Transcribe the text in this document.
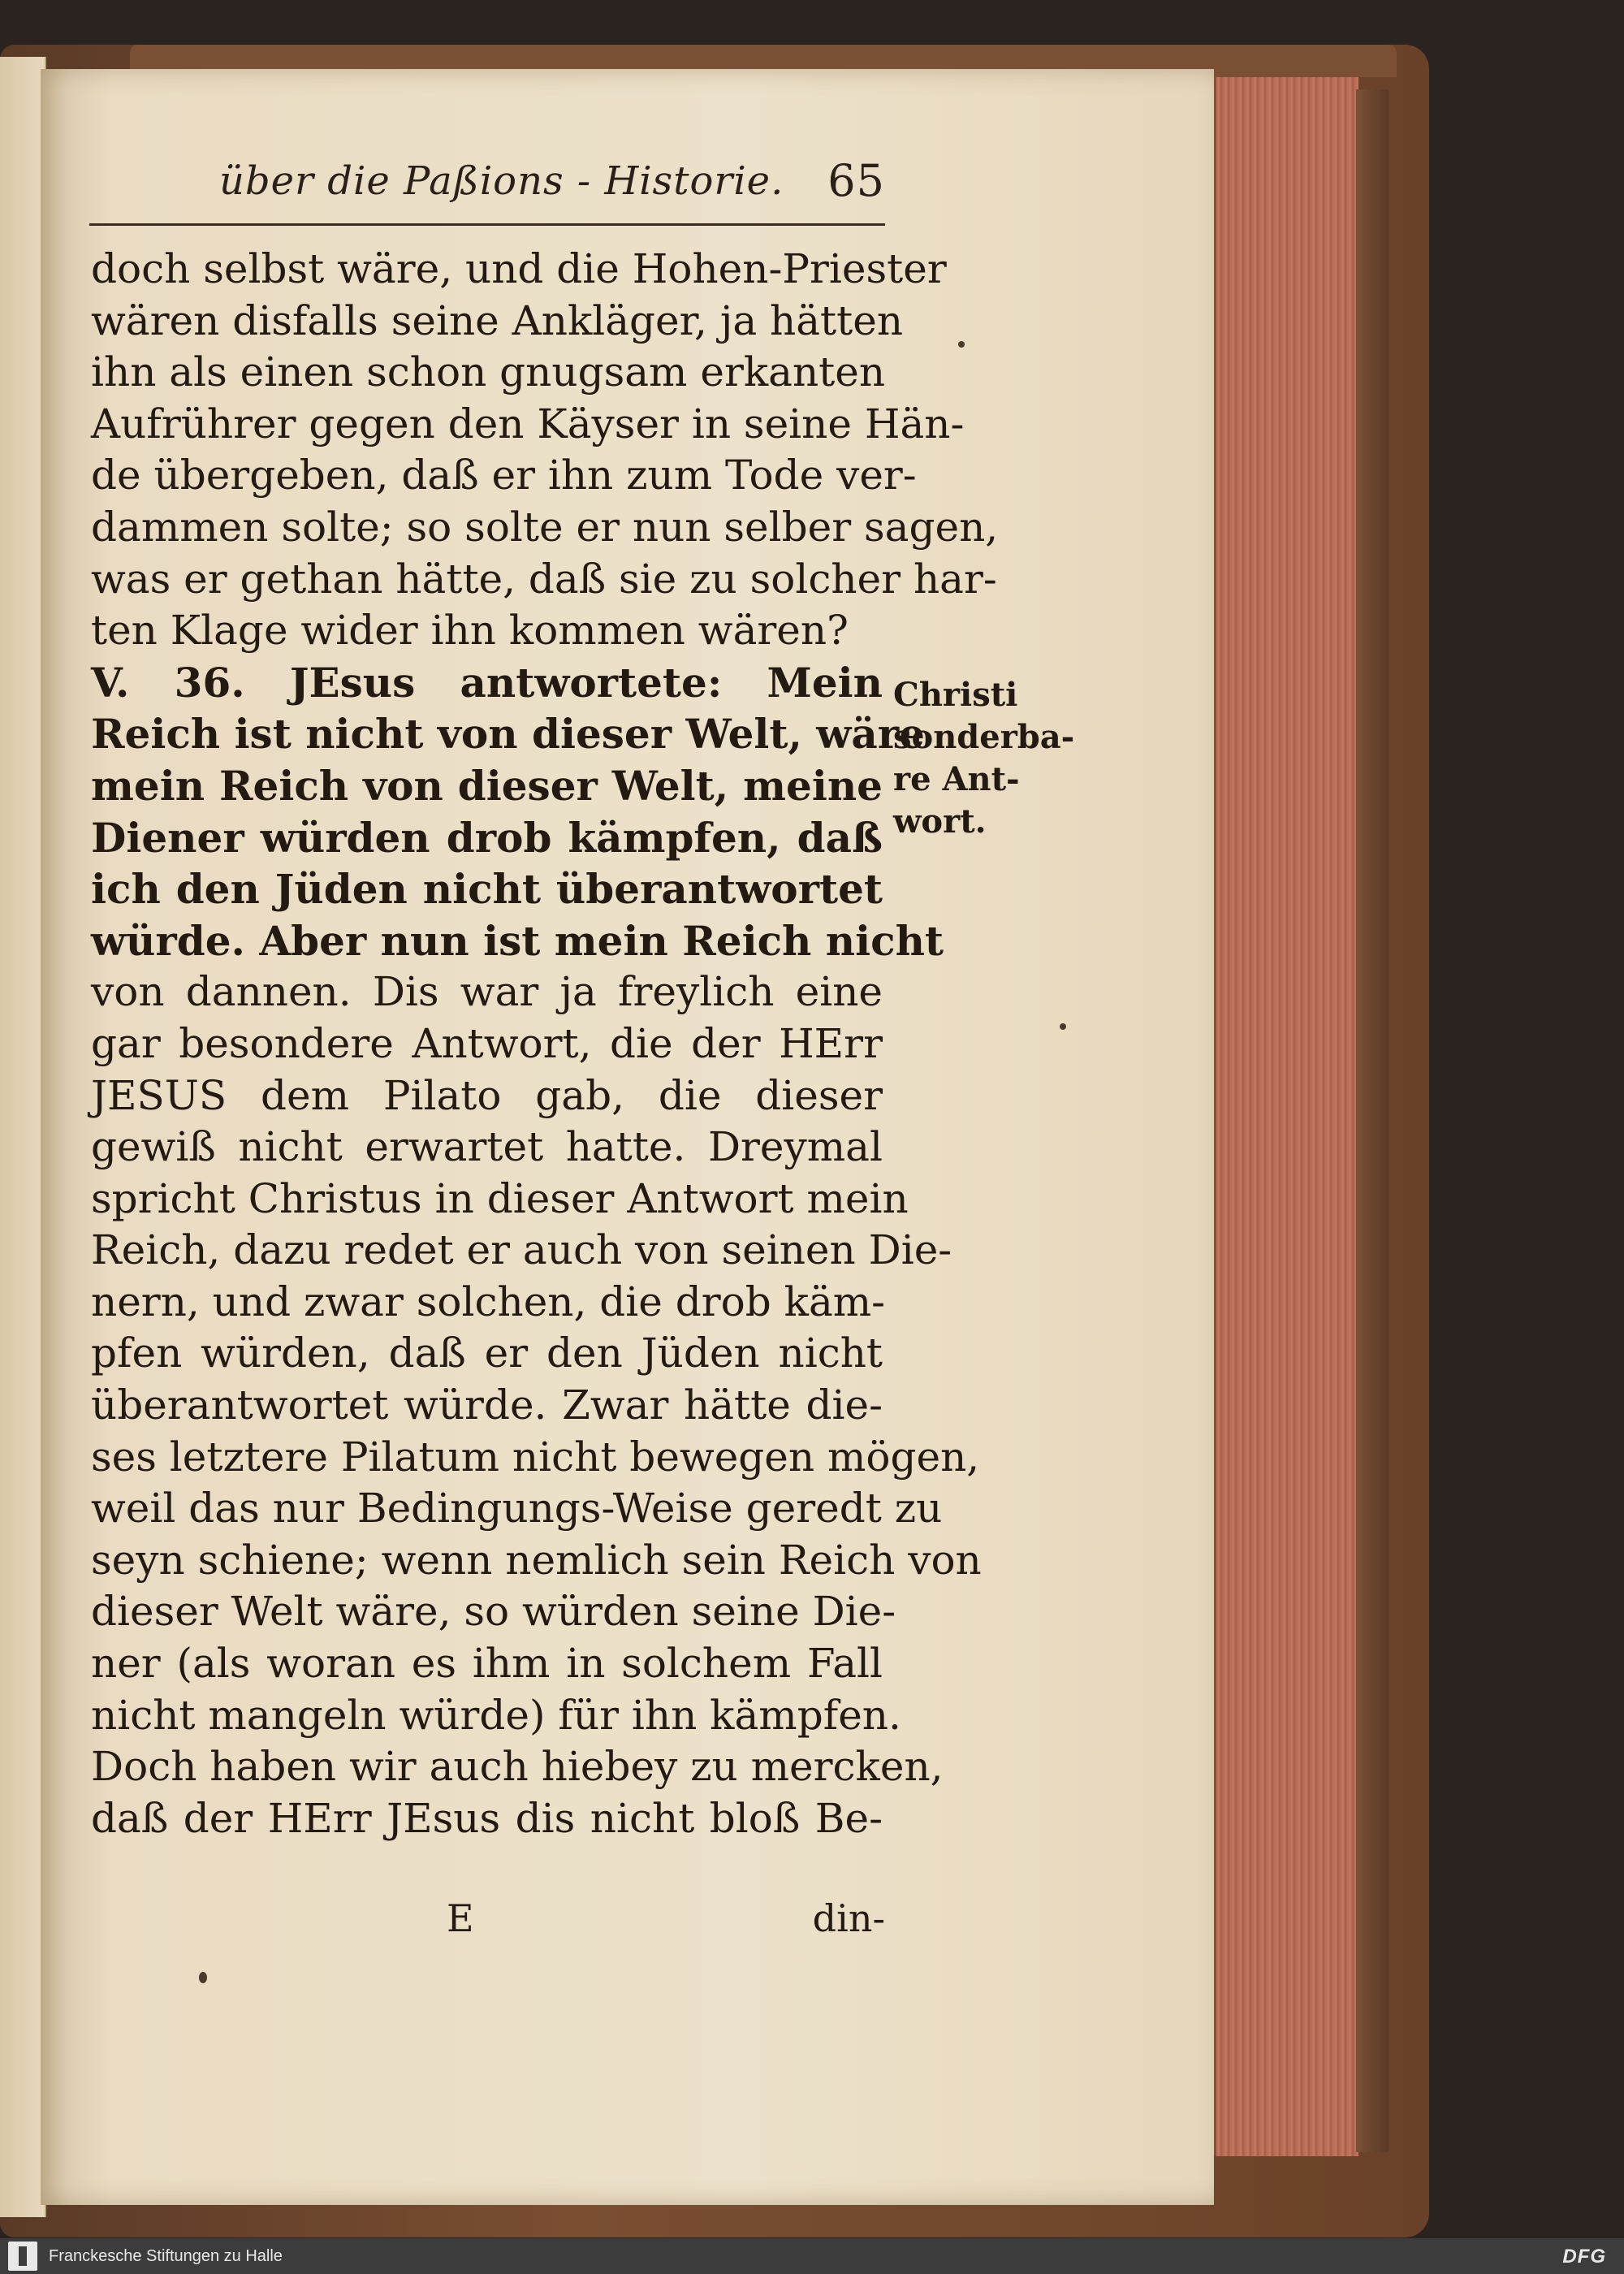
über die Paßions - Historie. 65
doch selbst wäre, und die Hohen-Priester
wären disfalls seine Ankläger, ja hätten
ihn als einen schon gnugsam erkanten
Aufrührer gegen den Käyser in seine Hän-
de übergeben, daß er ihn zum Tode ver-
dammen solte; so solte er nun selber sagen,
was er gethan hätte, daß sie zu solcher har-
ten Klage wider ihn kommen wären?
V. 36. JEsus antwortete: Mein
Reich ist nicht von dieser Welt, wäre
mein Reich von dieser Welt, meine
Diener würden drob kämpfen, daß
ich den Jüden nicht überantwortet
würde. Aber nun ist mein Reich nicht
von dannen. Dis war ja freylich eine
gar besondere Antwort, die der HErr
JESUS dem Pilato gab, die dieser
gewiß nicht erwartet hatte. Dreymal
spricht Christus in dieser Antwort mein
Reich, dazu redet er auch von seinen Die-
nern, und zwar solchen, die drob käm-
pfen würden, daß er den Jüden nicht
überantwortet würde. Zwar hätte die-
ses letztere Pilatum nicht bewegen mögen,
weil das nur Bedingungs-Weise geredt zu
seyn schiene; wenn nemlich sein Reich von
dieser Welt wäre, so würden seine Die-
ner (als woran es ihm in solchem Fall
nicht mangeln würde) für ihn kämpfen.
Doch haben wir auch hiebey zu mercken,
daß der HErr JEsus dis nicht bloß Be-
Christi
sonderba-
re Ant-
wort.
E	din-
Franckesche Stiftungen zu Halle	DFG
